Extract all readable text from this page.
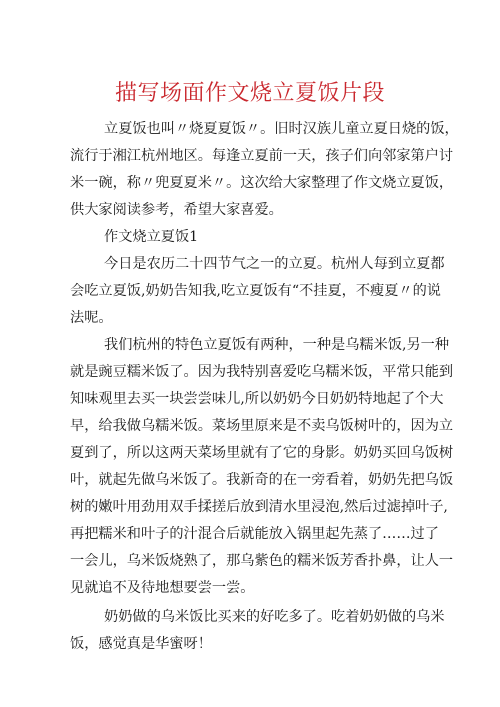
描写场面作文烧立夏饭片段
立夏饭也叫〃烧夏夏饭〃。旧时汉族儿童立夏日烧的饭，
流行于湘江杭州地区。每逢立夏前一天，孩子们向邻家第户讨
米一碗，称〃兜夏夏米〃。这次给大家整理了作文烧立夏饭，
供大家阅读参考，希望大家喜爱。
作文烧立夏饭1
今日是农历二十四节气之一的立夏。杭州人每到立夏都
会吃立夏饭,奶奶告知我,吃立夏饭有“不挂夏，不瘦夏〃的说
法呢。
我们杭州的特色立夏饭有两种，一种是乌糯米饭,另一种
就是豌豆糯米饭了。因为我特别喜爱吃乌糯米饭，平常只能到
知味观里去买一块尝尝味儿,所以奶奶今日奶奶特地起了个大
早，给我做乌糯米饭。菜场里原来是不卖乌饭树叶的，因为立
夏到了，所以这两天菜场里就有了它的身影。奶奶买回乌饭树
叶，就起先做乌米饭了。我新奇的在一旁看着，奶奶先把乌饭
树的嫩叶用劲用双手揉搓后放到清水里浸泡,然后过滤掉叶子,
再把糯米和叶子的汁混合后就能放入锅里起先蒸了……过了
一会儿，乌米饭烧熟了，那乌紫色的糯米饭芳香扑鼻，让人一
见就追不及待地想要尝一尝。
奶奶做的乌米饭比买来的好吃多了。吃着奶奶做的乌米
饭，感觉真是华蜜呀！
